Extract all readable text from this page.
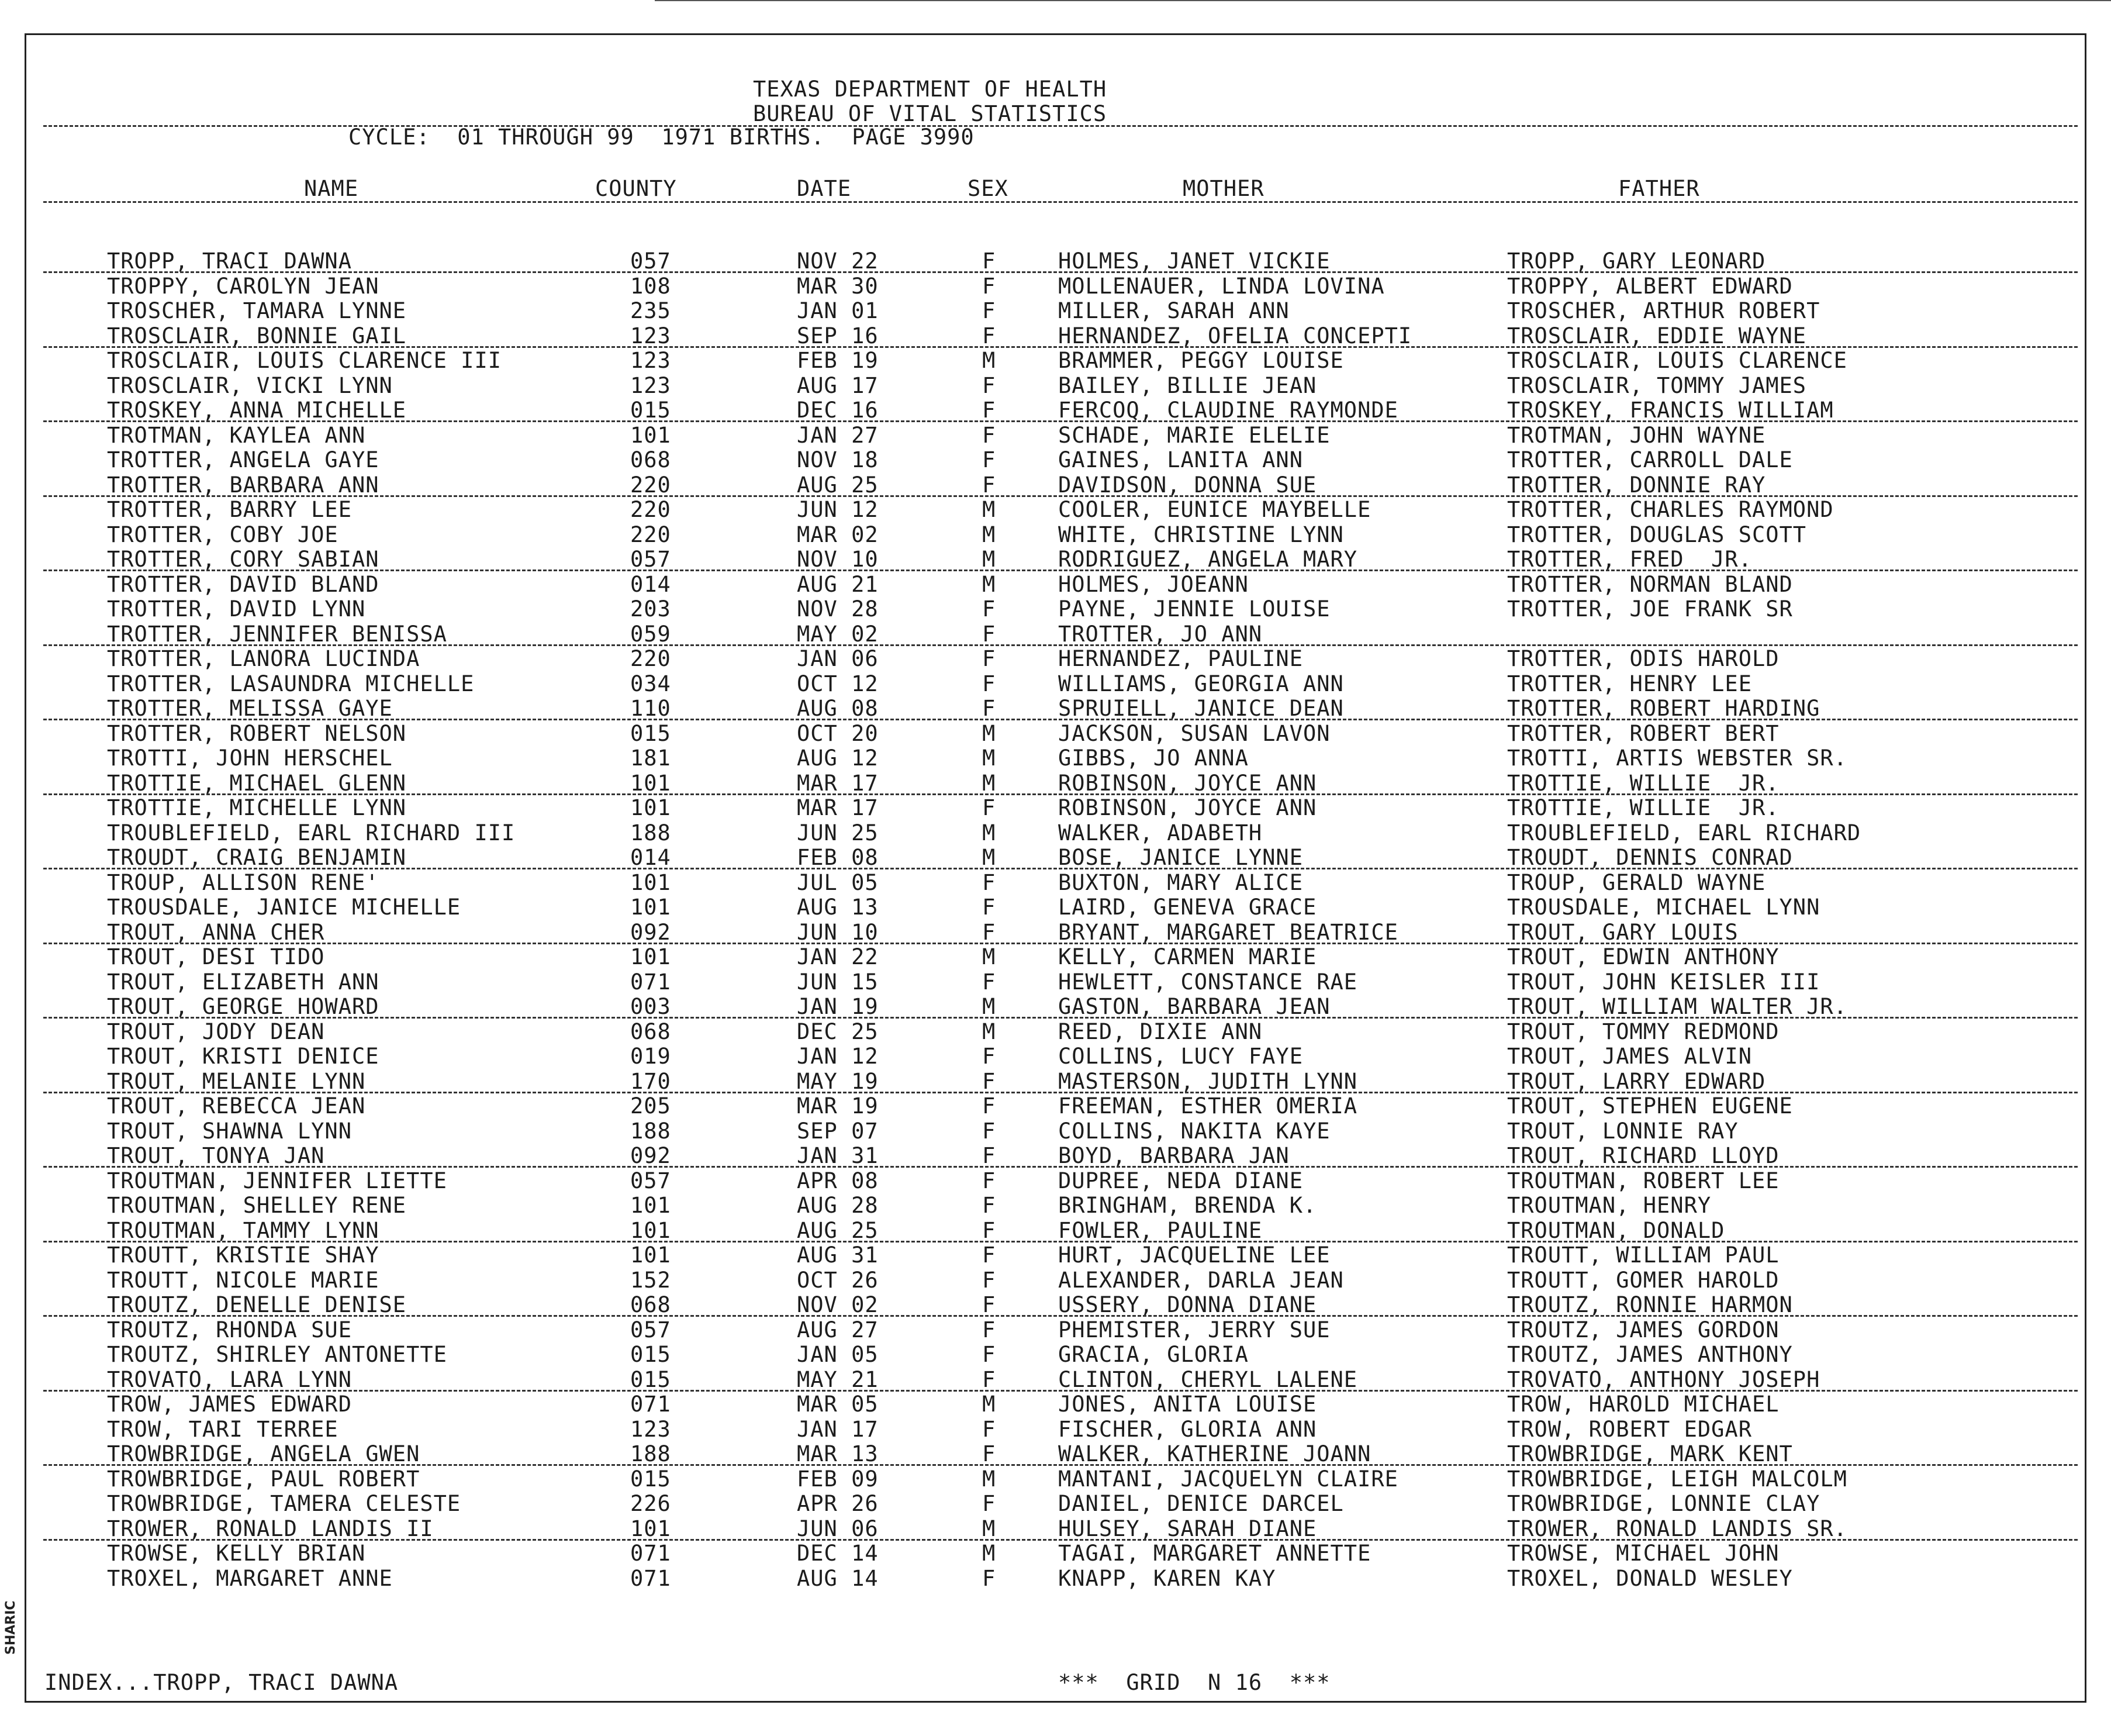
TEXAS DEPARTMENT OF HEALTH
BUREAU OF VITAL STATISTICS
CYCLE:  01 THROUGH 99  1971 BIRTHS.  PAGE 3990
NAME	COUNTY	DATE	SEX	MOTHER	FATHER
TROPP, TRACI DAWNA	057	NOV 22	F	HOLMES, JANET VICKIE	TROPP, GARY LEONARD
TROPPY, CAROLYN JEAN	108	MAR 30	F	MOLLENAUER, LINDA LOVINA	TROPPY, ALBERT EDWARD
TROSCHER, TAMARA LYNNE	235	JAN 01	F	MILLER, SARAH ANN	TROSCHER, ARTHUR ROBERT
TROSCLAIR, BONNIE GAIL	123	SEP 16	F	HERNANDEZ, OFELIA CONCEPTI	TROSCLAIR, EDDIE WAYNE
TROSCLAIR, LOUIS CLARENCE III	123	FEB 19	M	BRAMMER, PEGGY LOUISE	TROSCLAIR, LOUIS CLARENCE
TROSCLAIR, VICKI LYNN	123	AUG 17	F	BAILEY, BILLIE JEAN	TROSCLAIR, TOMMY JAMES
TROSKEY, ANNA MICHELLE	015	DEC 16	F	FERCOQ, CLAUDINE RAYMONDE	TROSKEY, FRANCIS WILLIAM
TROTMAN, KAYLEA ANN	101	JAN 27	F	SCHADE, MARIE ELELIE	TROTMAN, JOHN WAYNE
TROTTER, ANGELA GAYE	068	NOV 18	F	GAINES, LANITA ANN	TROTTER, CARROLL DALE
TROTTER, BARBARA ANN	220	AUG 25	F	DAVIDSON, DONNA SUE	TROTTER, DONNIE RAY
TROTTER, BARRY LEE	220	JUN 12	M	COOLER, EUNICE MAYBELLE	TROTTER, CHARLES RAYMOND
TROTTER, COBY JOE	220	MAR 02	M	WHITE, CHRISTINE LYNN	TROTTER, DOUGLAS SCOTT
TROTTER, CORY SABIAN	057	NOV 10	M	RODRIGUEZ, ANGELA MARY	TROTTER, FRED  JR.
TROTTER, DAVID BLAND	014	AUG 21	M	HOLMES, JOEANN	TROTTER, NORMAN BLAND
TROTTER, DAVID LYNN	203	NOV 28	F	PAYNE, JENNIE LOUISE	TROTTER, JOE FRANK SR
TROTTER, JENNIFER BENISSA	059	MAY 02	F	TROTTER, JO ANN
TROTTER, LANORA LUCINDA	220	JAN 06	F	HERNANDEZ, PAULINE	TROTTER, ODIS HAROLD
TROTTER, LASAUNDRA MICHELLE	034	OCT 12	F	WILLIAMS, GEORGIA ANN	TROTTER, HENRY LEE
TROTTER, MELISSA GAYE	110	AUG 08	F	SPRUIELL, JANICE DEAN	TROTTER, ROBERT HARDING
TROTTER, ROBERT NELSON	015	OCT 20	M	JACKSON, SUSAN LAVON	TROTTER, ROBERT BERT
TROTTI, JOHN HERSCHEL	181	AUG 12	M	GIBBS, JO ANNA	TROTTI, ARTIS WEBSTER SR.
TROTTIE, MICHAEL GLENN	101	MAR 17	M	ROBINSON, JOYCE ANN	TROTTIE, WILLIE  JR.
TROTTIE, MICHELLE LYNN	101	MAR 17	F	ROBINSON, JOYCE ANN	TROTTIE, WILLIE  JR.
TROUBLEFIELD, EARL RICHARD III	188	JUN 25	M	WALKER, ADABETH	TROUBLEFIELD, EARL RICHARD
TROUDT, CRAIG BENJAMIN	014	FEB 08	M	BOSE, JANICE LYNNE	TROUDT, DENNIS CONRAD
TROUP, ALLISON RENE'	101	JUL 05	F	BUXTON, MARY ALICE	TROUP, GERALD WAYNE
TROUSDALE, JANICE MICHELLE	101	AUG 13	F	LAIRD, GENEVA GRACE	TROUSDALE, MICHAEL LYNN
TROUT, ANNA CHER	092	JUN 10	F	BRYANT, MARGARET BEATRICE	TROUT, GARY LOUIS
TROUT, DESI TIDO	101	JAN 22	M	KELLY, CARMEN MARIE	TROUT, EDWIN ANTHONY
TROUT, ELIZABETH ANN	071	JUN 15	F	HEWLETT, CONSTANCE RAE	TROUT, JOHN KEISLER III
TROUT, GEORGE HOWARD	003	JAN 19	M	GASTON, BARBARA JEAN	TROUT, WILLIAM WALTER JR.
TROUT, JODY DEAN	068	DEC 25	M	REED, DIXIE ANN	TROUT, TOMMY REDMOND
TROUT, KRISTI DENICE	019	JAN 12	F	COLLINS, LUCY FAYE	TROUT, JAMES ALVIN
TROUT, MELANIE LYNN	170	MAY 19	F	MASTERSON, JUDITH LYNN	TROUT, LARRY EDWARD
TROUT, REBECCA JEAN	205	MAR 19	F	FREEMAN, ESTHER OMERIA	TROUT, STEPHEN EUGENE
TROUT, SHAWNA LYNN	188	SEP 07	F	COLLINS, NAKITA KAYE	TROUT, LONNIE RAY
TROUT, TONYA JAN	092	JAN 31	F	BOYD, BARBARA JAN	TROUT, RICHARD LLOYD
TROUTMAN, JENNIFER LIETTE	057	APR 08	F	DUPREE, NEDA DIANE	TROUTMAN, ROBERT LEE
TROUTMAN, SHELLEY RENE	101	AUG 28	F	BRINGHAM, BRENDA K.	TROUTMAN, HENRY
TROUTMAN, TAMMY LYNN	101	AUG 25	F	FOWLER, PAULINE	TROUTMAN, DONALD
TROUTT, KRISTIE SHAY	101	AUG 31	F	HURT, JACQUELINE LEE	TROUTT, WILLIAM PAUL
TROUTT, NICOLE MARIE	152	OCT 26	F	ALEXANDER, DARLA JEAN	TROUTT, GOMER HAROLD
TROUTZ, DENELLE DENISE	068	NOV 02	F	USSERY, DONNA DIANE	TROUTZ, RONNIE HARMON
TROUTZ, RHONDA SUE	057	AUG 27	F	PHEMISTER, JERRY SUE	TROUTZ, JAMES GORDON
TROUTZ, SHIRLEY ANTONETTE	015	JAN 05	F	GRACIA, GLORIA	TROUTZ, JAMES ANTHONY
TROVATO, LARA LYNN	015	MAY 21	F	CLINTON, CHERYL LALENE	TROVATO, ANTHONY JOSEPH
TROW, JAMES EDWARD	071	MAR 05	M	JONES, ANITA LOUISE	TROW, HAROLD MICHAEL
TROW, TARI TERREE	123	JAN 17	F	FISCHER, GLORIA ANN	TROW, ROBERT EDGAR
TROWBRIDGE, ANGELA GWEN	188	MAR 13	F	WALKER, KATHERINE JOANN	TROWBRIDGE, MARK KENT
TROWBRIDGE, PAUL ROBERT	015	FEB 09	M	MANTANI, JACQUELYN CLAIRE	TROWBRIDGE, LEIGH MALCOLM
TROWBRIDGE, TAMERA CELESTE	226	APR 26	F	DANIEL, DENICE DARCEL	TROWBRIDGE, LONNIE CLAY
TROWER, RONALD LANDIS II	101	JUN 06	M	HULSEY, SARAH DIANE	TROWER, RONALD LANDIS SR.
TROWSE, KELLY BRIAN	071	DEC 14	M	TAGAI, MARGARET ANNETTE	TROWSE, MICHAEL JOHN
TROXEL, MARGARET ANNE	071	AUG 14	F	KNAPP, KAREN KAY	TROXEL, DONALD WESLEY
INDEX...TROPP, TRACI DAWNA	***  GRID  N 16  ***
SHARIC
